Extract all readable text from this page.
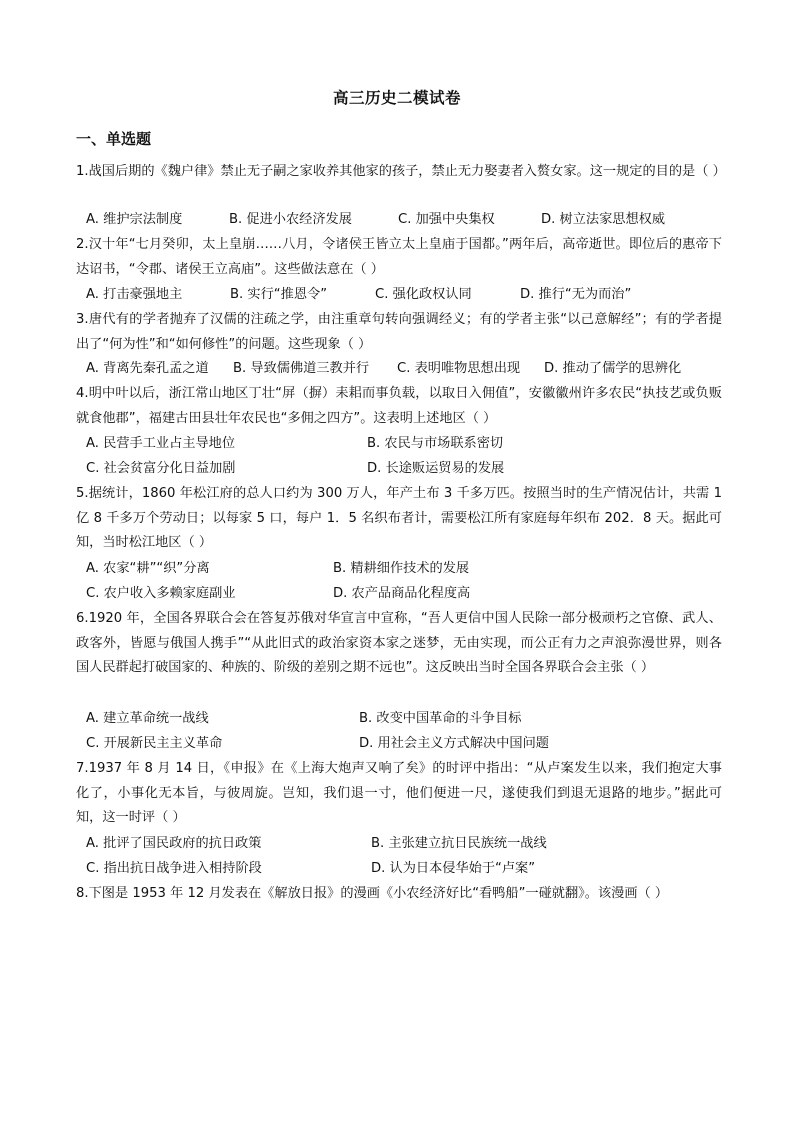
高三历史二模试卷
一、单选题
1.战国后期的《魏户律》禁止无子嗣之家收养其他家的孩子，禁止无力娶妻者入赘女家。这一规定的目的是（ ）
A. 维护宗法制度	B. 促进小农经济发展	C. 加强中央集权	D. 树立法家思想权威
2.汉十年“七月癸卯，太上皇崩……八月，令诸侯王皆立太上皇庙于国都。”两年后，高帝逝世。即位后的惠帝下达诏书，“令郡、诸侯王立高庙”。这些做法意在（ ）
A. 打击豪强地主	B. 实行“推恩令”	C. 强化政权认同	D. 推行“无为而治”
3.唐代有的学者抛弃了汉儒的注疏之学，由注重章句转向强调经义；有的学者主张“以己意解经”；有的学者提出了“何为性”和“如何修性”的问题。这些现象（ ）
A. 背离先秦孔孟之道 B. 导致儒佛道三教并行 C. 表明唯物思想出现 D. 推动了儒学的思辨化
4.明中叶以后，浙江常山地区丁壮“屏（摒）耒耜而事负载，以取日入佣值”，安徽徽州许多农民“执技艺或负贩就食他郡”，福建古田县壮年农民也“多佣之四方”。这表明上述地区（ ）
A. 民营手工业占主导地位	B. 农民与市场联系密切
C. 社会贫富分化日益加剧	D. 长途贩运贸易的发展
5.据统计，1860 年松江府的总人口约为 300 万人，年产土布 3 千多万匹。按照当时的生产情况估计，共需 1 亿 8 千多万个劳动日；以每家 5 口，每户 1．5 名织布者计，需要松江所有家庭每年织布 202．8 天。据此可知，当时松江地区（ ）
A. 农家“耕”“织”分离	B. 精耕细作技术的发展
C. 农户收入多赖家庭副业	D. 农产品商品化程度高
6.1920 年，全国各界联合会在答复苏俄对华宣言中宣称，“吾人更信中国人民除一部分极顽朽之官僚、武人、政客外，皆愿与俄国人携手”“从此旧式的政治家资本家之迷梦，无由实现，而公正有力之声浪弥漫世界，则各国人民群起打破国家的、种族的、阶级的差别之期不远也”。这反映出当时全国各界联合会主张（ ）
A. 建立革命统一战线	B. 改变中国革命的斗争目标
C. 开展新民主主义革命	D. 用社会主义方式解决中国问题
7.1937 年 8 月 14 日，《申报》在《上海大炮声又响了矣》的时评中指出：“从卢案发生以来，我们抱定大事化了，小事化无本旨，与彼周旋。岂知，我们退一寸，他们便进一尺，遂使我们到退无退路的地步。”据此可知，这一时评（ ）
A. 批评了国民政府的抗日政策	B. 主张建立抗日民族统一战线
C. 指出抗日战争进入相持阶段	D. 认为日本侵华始于“卢案”
8.下图是 1953 年 12 月发表在《解放日报》的漫画《小农经济好比“看鸭船”一碰就翻》。该漫画（ ）
